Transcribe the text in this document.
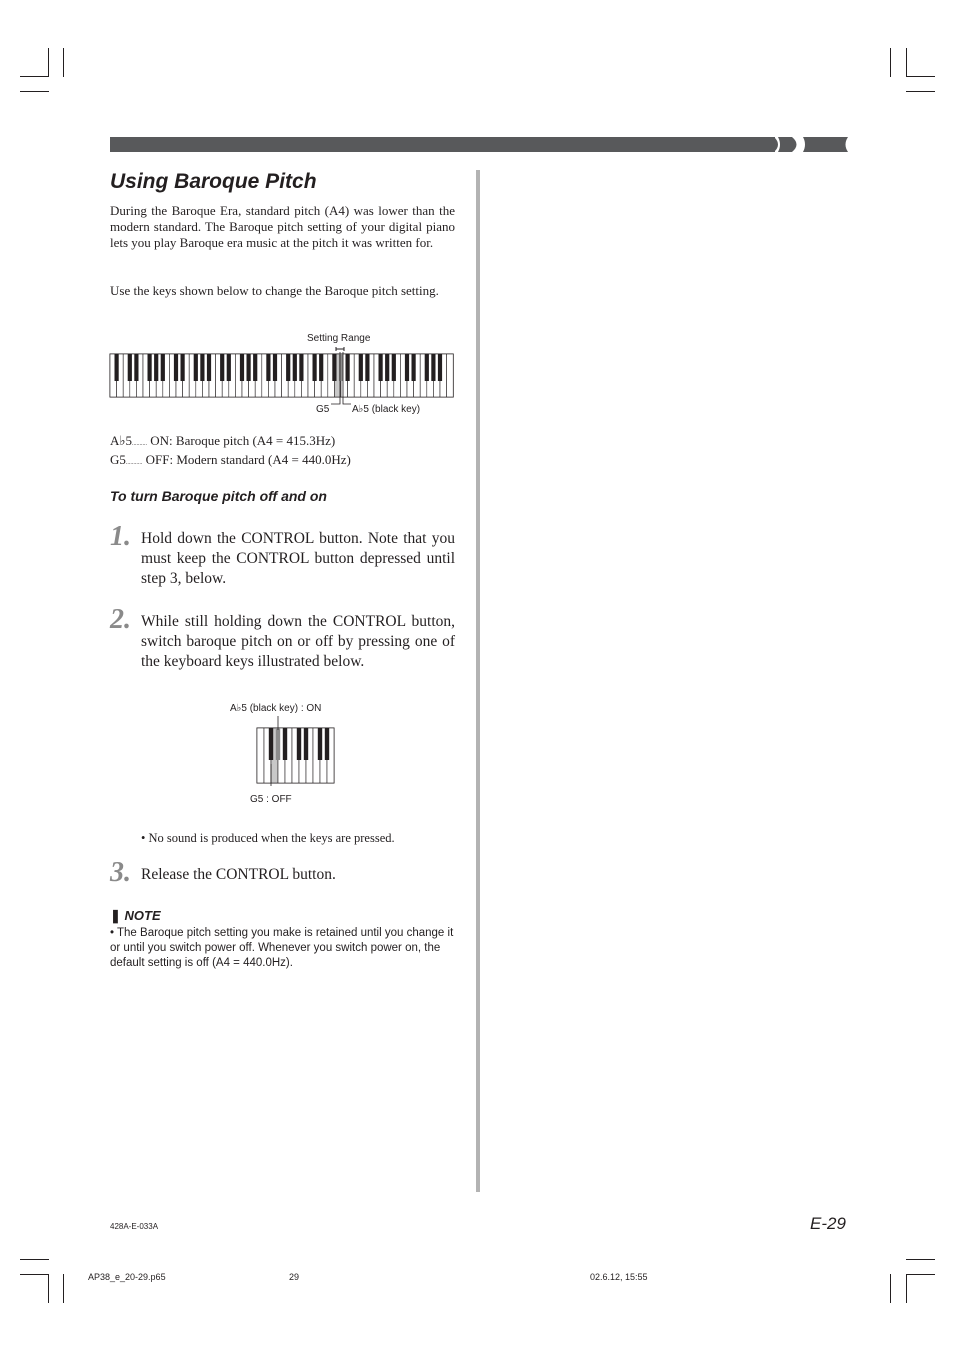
Using Baroque Pitch

During the Baroque Era, standard pitch (A4) was lower than the modern standard. The Baroque pitch setting of your digital piano lets you play Baroque era music at the pitch it was written for.

Use the keys shown below to change the Baroque pitch setting.

Setting Range
G5 A♭5 (black key)
A♭5.......... ON: Baroque pitch (A4 = 415.3Hz)
G5........... OFF: Modern standard (A4 = 440.0Hz)
To turn Baroque pitch off and on
1. Hold down the CONTROL button. Note that you must keep the CONTROL button depressed until step 3, below.

2. While still holding down the CONTROL button, switch baroque pitch on or off by pressing one of the keyboard keys illustrated below.

A♭5 (black key) : ON
G5 : OFF
• No sound is produced when the keys are pressed.
3. Release the CONTROL button.

❚ NOTE
• The Baroque pitch setting you make is retained until you change it or until you switch power off. Whenever you switch power on, the default setting is off (A4 = 440.0Hz).
E-29
428A-E-033A
AP38_e_20-29.p65	29	02.6.12, 15:55
